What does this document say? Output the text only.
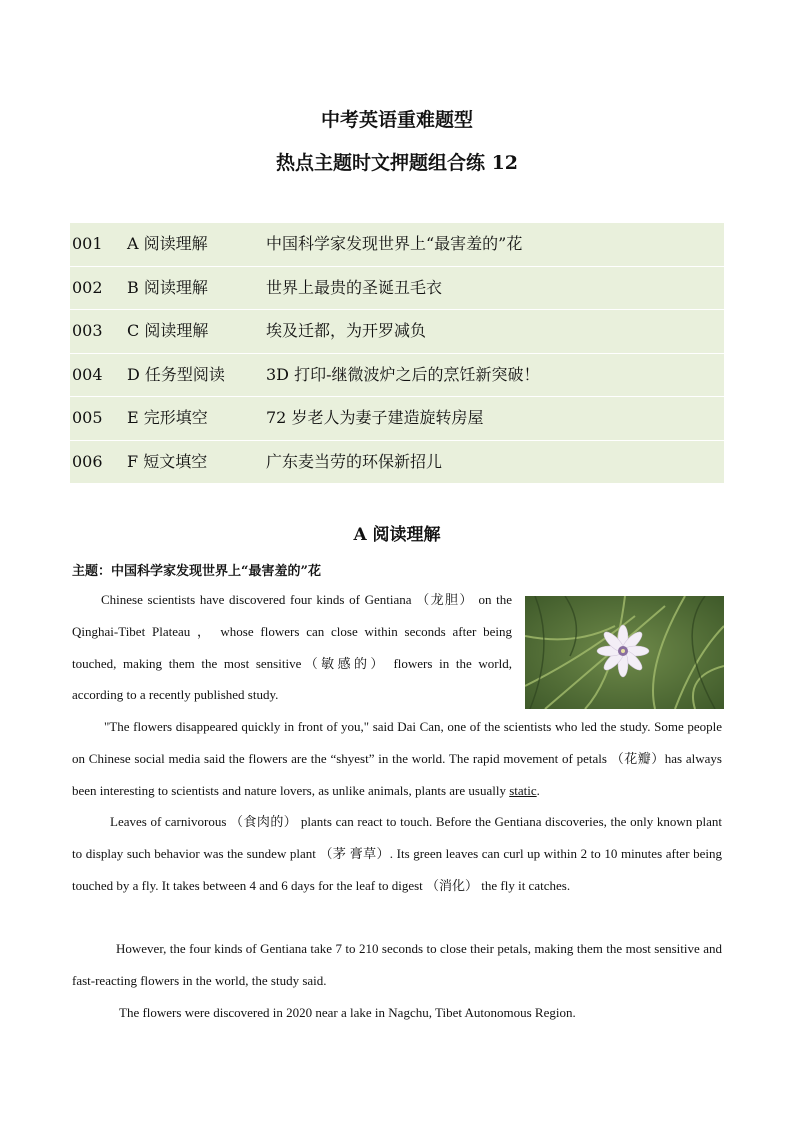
中考英语重难题型
热点主题时文押题组合练 12
001 A 阅读理解	中国科学家发现世界上“最害羞的”花
002 B 阅读理解	世界上最贵的圣诞丑毛衣
003 C 阅读理解	埃及迁都，为开罗减负
004 D 任务型阅读	3D 打印-继微波炉之后的烹饪新突破！
005 E 完形填空	72 岁老人为妻子建造旋转房屋
006 F 短文填空	广东麦当劳的环保新招儿
A 阅读理解
主题：中国科学家发现世界上“最害羞的”花
Chinese scientists have discovered four kinds of Gentiana （龙胆） on the Qinghai-Tibet Plateau ， whose flowers can close within seconds after being touched, making them the most sensitive（敏感的） flowers in the world, according to a recently published study.
"The flowers disappeared quickly in front of you," said Dai Can, one of the scientists who led the study. Some people on Chinese social media said the flowers are the “shyest” in the world. The rapid movement of petals （花瓣）has always been interesting to scientists and nature lovers, as unlike animals, plants are usually static.
Leaves of carnivorous （食肉的） plants can react to touch. Before the Gentiana discoveries, the only known plant to display such behavior was the sundew plant （茅 膏草）. Its green leaves can curl up within 2 to 10 minutes after being touched by a fly. It takes between 4 and 6 days for the leaf to digest （消化） the fly it catches.
However, the four kinds of Gentiana take 7 to 210 seconds to close their petals, making them the most sensitive and fast-reacting flowers in the world, the study said.
The flowers were discovered in 2020 near a lake in Nagchu, Tibet Autonomous Region.
